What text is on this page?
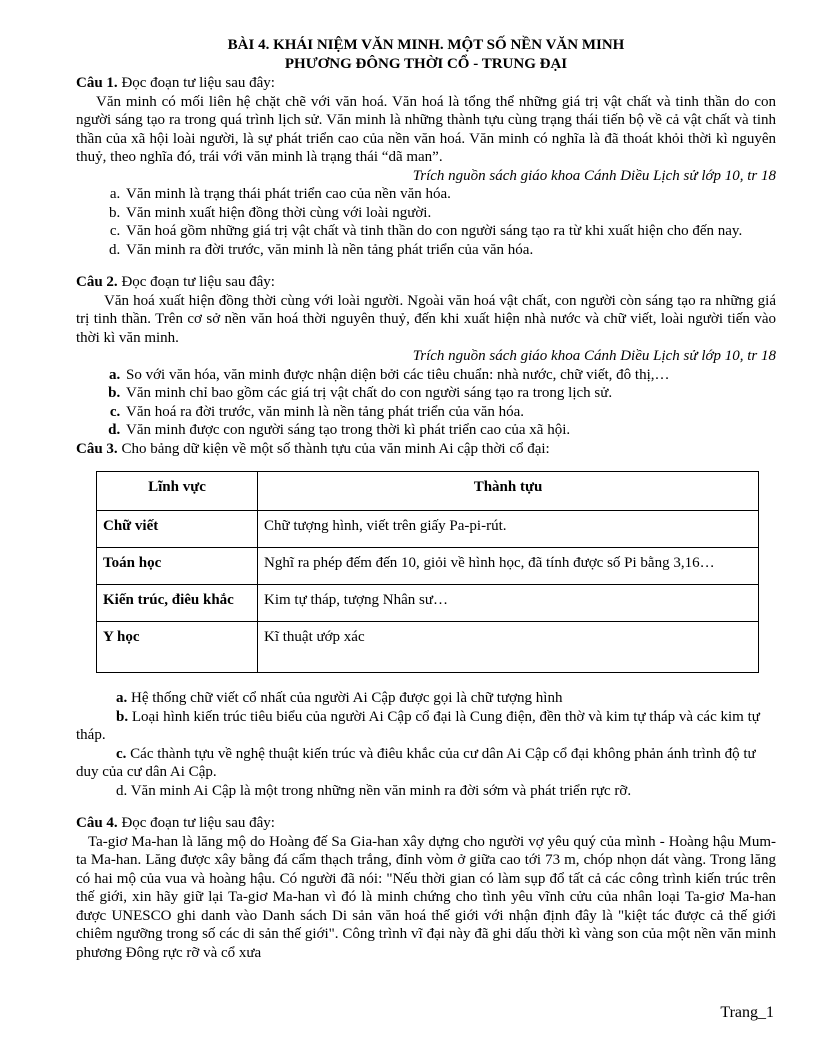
BÀI 4. KHÁI NIỆM VĂN MINH. MỘT SỐ NỀN VĂN MINH
PHƯƠNG ĐÔNG THỜI CỔ - TRUNG ĐẠI
Câu 1. Đọc đoạn tư liệu sau đây:
Văn minh có mối liên hệ chặt chẽ với văn hoá. Văn hoá là tổng thể những giá trị vật chất và tinh thần do con người sáng tạo ra trong quá trình lịch sử. Văn minh là những thành tựu cùng trạng thái tiến bộ về cả vật chất và tinh thần của xã hội loài người, là sự phát triển cao của nền văn hoá. Văn minh có nghĩa là đã thoát khỏi thời kì nguyên thuỷ, theo nghĩa đó, trái với văn minh là trạng thái “dã man”.
Trích nguồn sách giáo khoa Cánh Diều Lịch sử lớp 10, tr 18
a. Văn minh là trạng thái phát triển cao của nền văn hóa.
b. Văn minh xuất hiện đồng thời cùng với loài người.
c. Văn hoá gồm những giá trị vật chất và tinh thần do con người sáng tạo ra từ khi xuất hiện cho đến nay.
d. Văn minh ra đời trước, văn minh là nền tảng phát triển của văn hóa.
Câu 2. Đọc đoạn tư liệu sau đây:
Văn hoá xuất hiện đồng thời cùng với loài người. Ngoài văn hoá vật chất, con người còn sáng tạo ra những giá trị tinh thần. Trên cơ sở nền văn hoá thời nguyên thuỷ, đến khi xuất hiện nhà nước và chữ viết, loài người tiến vào thời kì văn minh.
Trích nguồn sách giáo khoa Cánh Diều Lịch sử lớp 10, tr 18
a. So với văn hóa, văn minh được nhận diện bởi các tiêu chuẩn: nhà nước, chữ viết, đô thị,…
b. Văn minh chỉ bao gồm các giá trị vật chất do con người sáng tạo ra trong lịch sử.
c. Văn hoá ra đời trước, văn minh là nền tảng phát triển của văn hóa.
d. Văn minh được con người sáng tạo trong thời kì phát triển cao của xã hội.
Câu 3. Cho bảng dữ kiện về một số thành tựu của văn minh Ai cập thời cổ đại:
Lĩnh vực	Thành tựu
Chữ viết	Chữ tượng hình, viết trên giấy Pa-pi-rút.
Toán học	Nghĩ ra phép đếm đến 10, giỏi về hình học, đã tính được số Pi bằng 3,16…
Kiến trúc, điêu khắc	Kim tự tháp, tượng Nhân sư…
Y học	Kĩ thuật ướp xác
a. Hệ thống chữ viết cổ nhất của người Ai Cập được gọi là chữ tượng hình
b. Loại hình kiến trúc tiêu biểu của người Ai Cập cổ đại là Cung điện, đền thờ và kim tự tháp và các kim tự tháp.
c. Các thành tựu về nghệ thuật kiến trúc và điêu khắc của cư dân Ai Cập cổ đại không phản ánh trình độ tư duy của cư dân Ai Cập.
d. Văn minh Ai Cập là một trong những nền văn minh ra đời sớm và phát triển rực rỡ.
Câu 4. Đọc đoạn tư liệu sau đây:
Ta-giơ Ma-han là lăng mộ do Hoàng đế Sa Gia-han xây dựng cho người vợ yêu quý của mình - Hoàng hậu Mum-ta Ma-han. Lăng được xây bằng đá cẩm thạch trắng, đỉnh vòm ở giữa cao tới 73 m, chóp nhọn dát vàng. Trong lăng có hai mộ của vua và hoàng hậu. Có người đã nói: "Nếu thời gian có làm sụp đổ tất cả các công trình kiến trúc trên thế giới, xin hãy giữ lại Ta-giơ Ma-han vì đó là minh chứng cho tình yêu vĩnh cửu của nhân loại Ta-giơ Ma-han được UNESCO ghi danh vào Danh sách Di sản văn hoá thế giới với nhận định đây là "kiệt tác được cả thế giới chiêm ngưỡng trong số các di sản thế giới". Công trình vĩ đại này đã ghi dấu thời kì vàng son của một nền văn minh phương Đông rực rỡ và cổ xưa
Trang_1
